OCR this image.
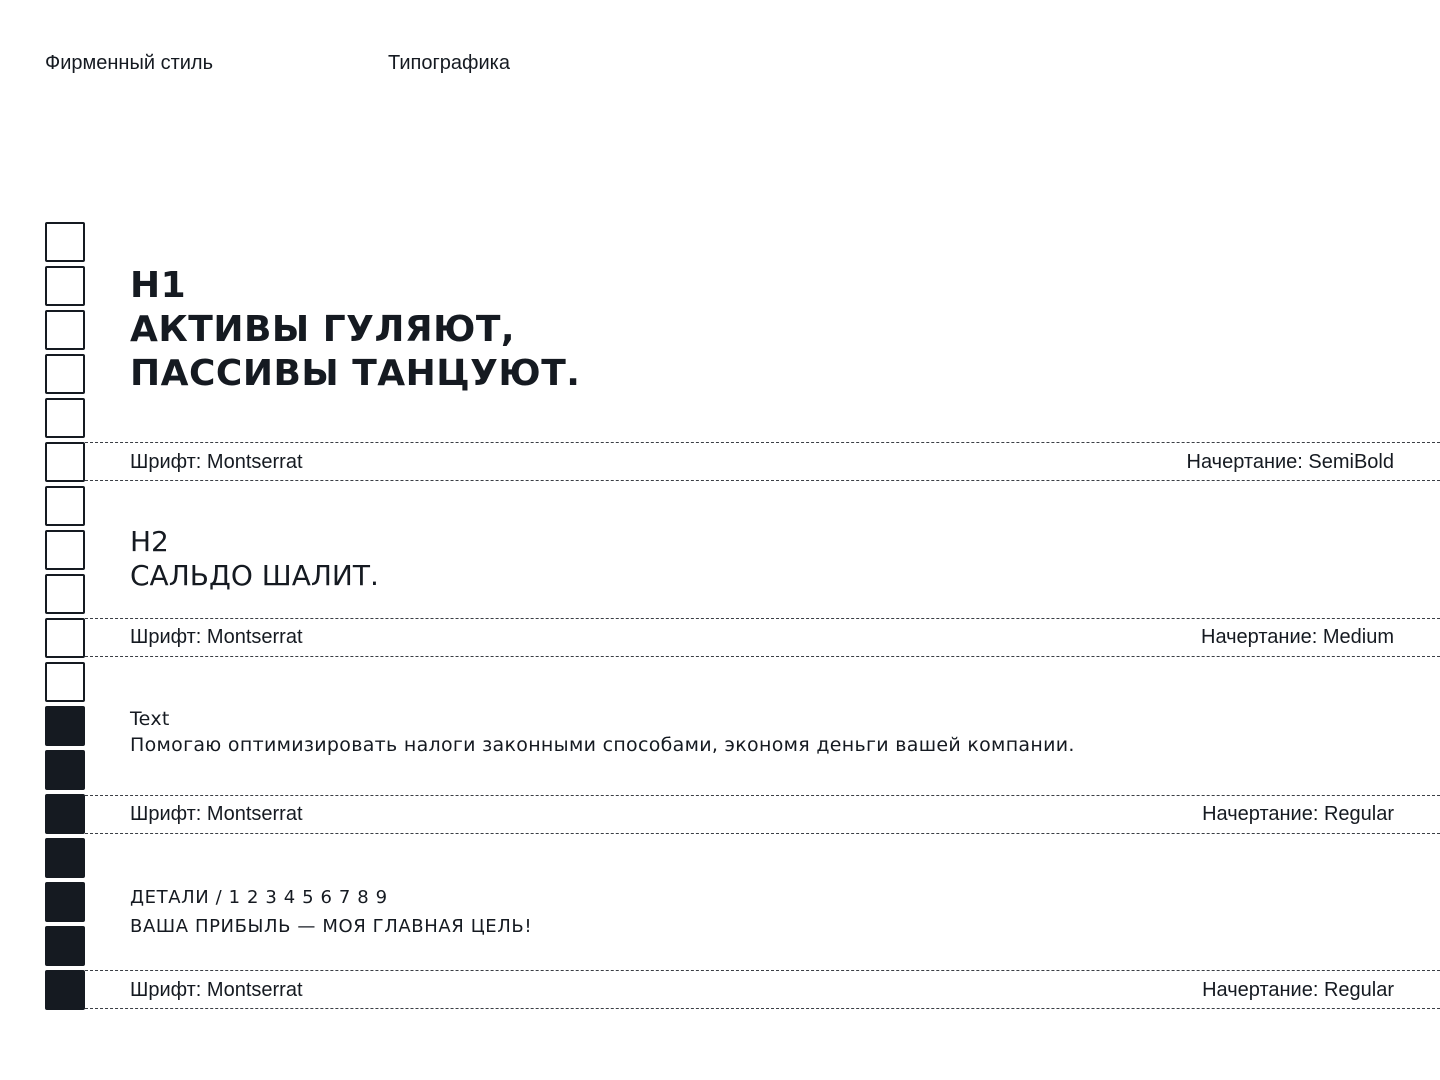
Фирменный стиль	Типографика
H1
АКТИВЫ ГУЛЯЮТ,
ПАССИВЫ ТАНЦУЮТ.
Шрифт: Montserrat	Начертание: SemiBold
H2
САЛЬДО ШАЛИТ.
Шрифт: Montserrat	Начертание: Medium
Text
Помогаю оптимизировать налоги законными способами, экономя деньги вашей компании.
Шрифт: Montserrat	Начертание: Regular
ДЕТАЛИ / 1 2 3 4 5 6 7 8 9
ВАША ПРИБЫЛЬ — МОЯ ГЛАВНАЯ ЦЕЛЬ!
Шрифт: Montserrat	Начертание: Regular
